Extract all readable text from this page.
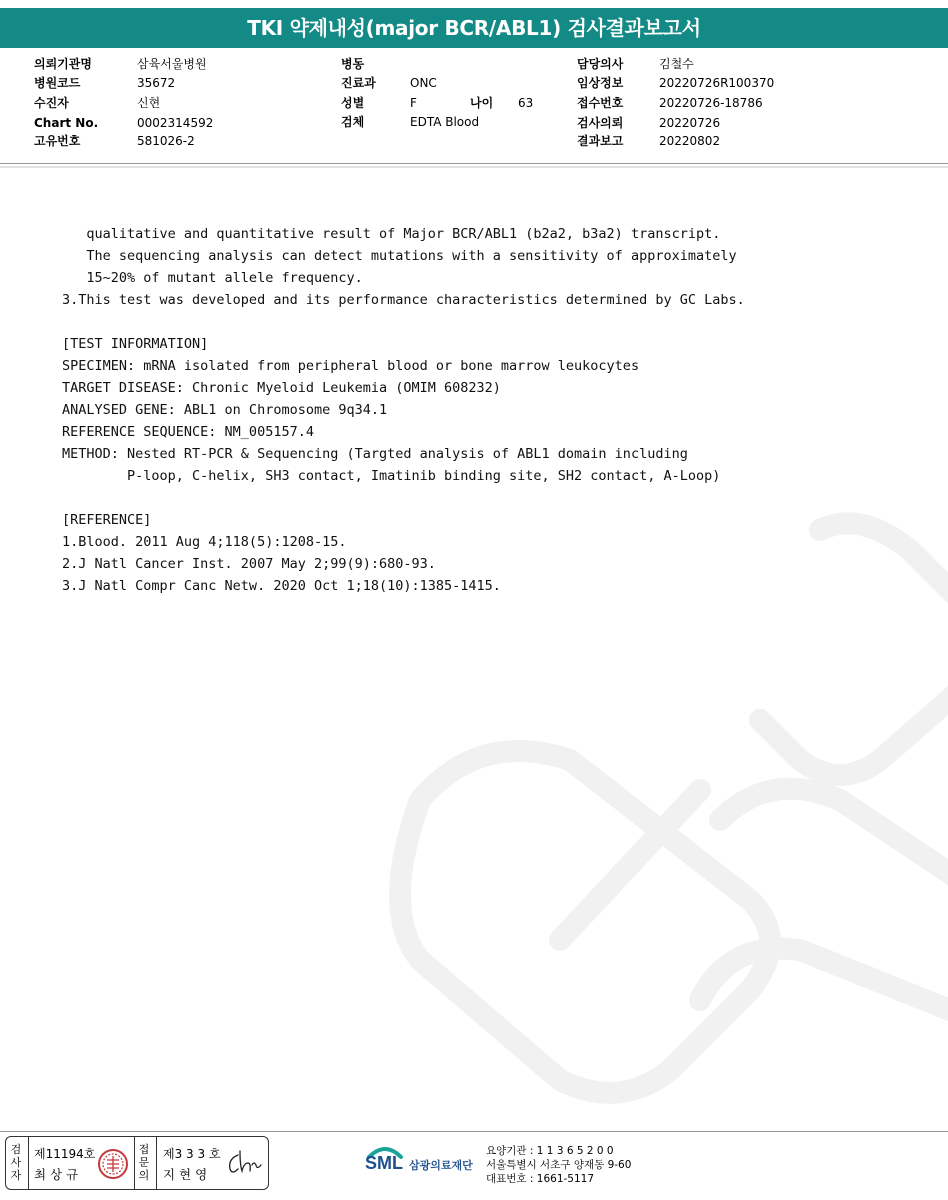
TKI 약제내성(major BCR/ABL1) 검사결과보고서
의뢰기관명	삼육서울병원
병원코드	35672
수진자	신현
Chart No.	0002314592
고유번호	581026-2
병동
진료과	ONC
성별	F	나이 63
검체	EDTA Blood
담당의사	김철수
임상정보	20220726R100370
접수번호	20220726-18786
검사의뢰	20220726
결과보고	20220802
qualitative and quantitative result of Major BCR/ABL1 (b2a2, b3a2) transcript.
The sequencing analysis can detect mutations with a sensitivity of approximately
15~20% of mutant allele frequency.
3.This test was developed and its performance characteristics determined by GC Labs.
[TEST INFORMATION]
SPECIMEN: mRNA isolated from peripheral blood or bone marrow leukocytes
TARGET DISEASE: Chronic Myeloid Leukemia (OMIM 608232)
ANALYSED GENE: ABL1 on Chromosome 9q34.1
REFERENCE SEQUENCE: NM_005157.4
METHOD: Nested RT-PCR & Sequencing (Targted analysis of ABL1 domain including
P-loop, C-helix, SH3 contact, Imatinib binding site, SH2 contact, A-Loop)
[REFERENCE]
1.Blood. 2011 Aug 4;118(5):1208-15.
2.J Natl Cancer Inst. 2007 May 2;99(9):680-93.
3.J Natl Compr Canc Netw. 2020 Oct 1;18(10):1385-1415.
검사자
제11194호
최 상 규
접문의
제3 3 3 호
지 현 영
SML 삼광의료재단
요양기관 : 1 1 3 6 5 2 0 0
서울특별시 서초구 양재동 9-60
대표번호 : 1661-5117
